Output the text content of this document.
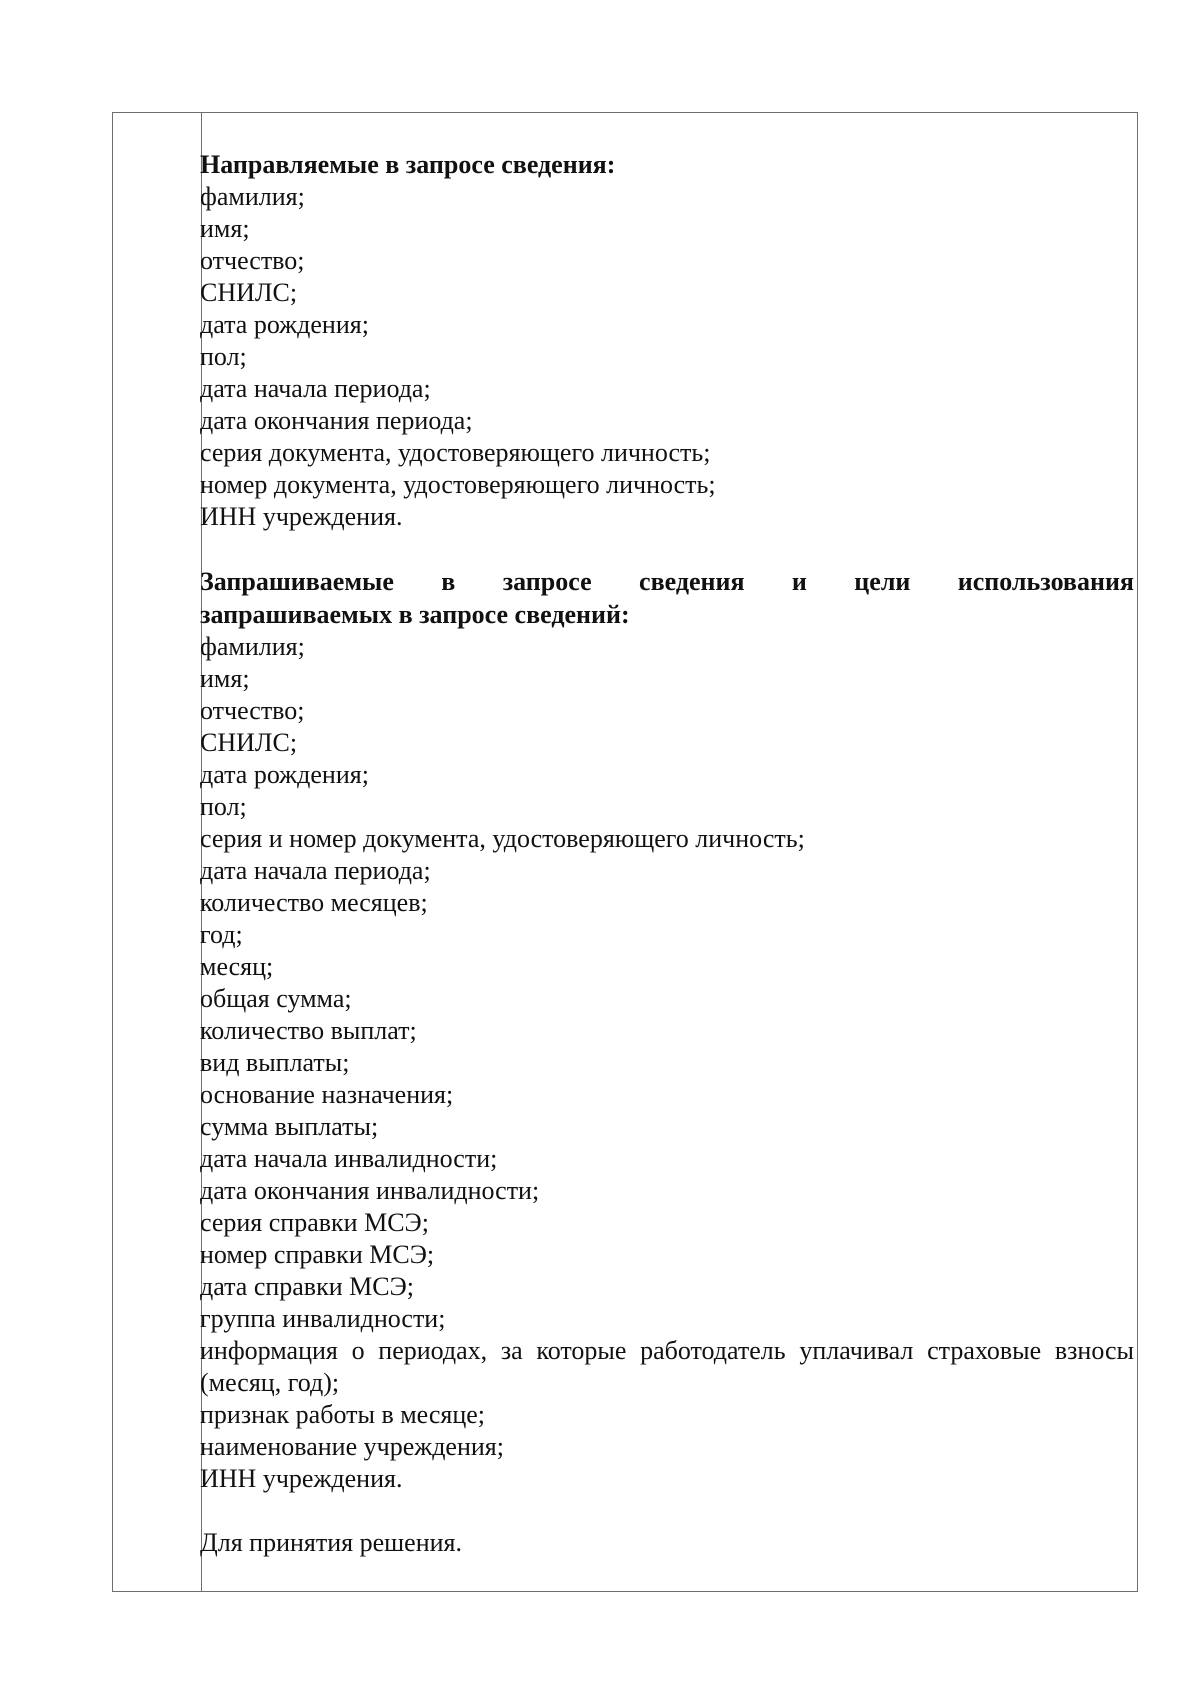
Направляемые в запросе сведения:

фамилия;

имя;

отчество;

СНИЛС;

дата рождения;

пол;

дата начала периода;

дата окончания периода;

серия документа, удостоверяющего личность;

номер документа, удостоверяющего личность;

ИНН учреждения.

Запрашиваемые в запросе сведения и цели использования
запрашиваемых в запросе сведений:

фамилия;

имя;

отчество;

СНИЛС;

дата рождения;

пол;

серия и номер документа, удостоверяющего личность;

дата начала периода;

количество месяцев;

год;

месяц;

общая сумма;

количество выплат;

вид выплаты;

основание назначения;

сумма выплаты;

дата начала инвалидности;

дата окончания инвалидности;

серия справки МСЭ;

номер справки МСЭ;

дата справки МСЭ;

группа инвалидности;

информация о периодах, за которые работодатель уплачивал страховые взносы (месяц, год);

признак работы в месяце;

наименование учреждения;

ИНН учреждения.

Для принятия решения.
